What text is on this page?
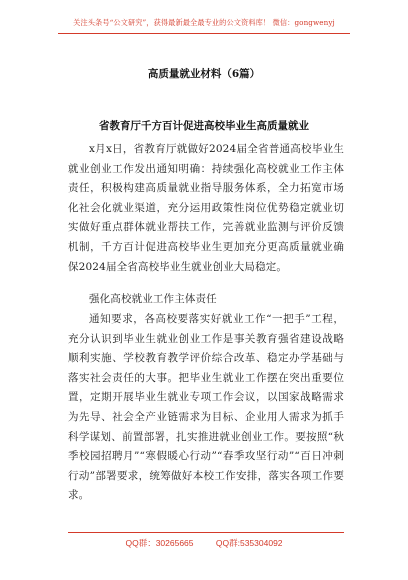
关注头条号“公文研究”，获得最新最全最专业的公文资料库！ 微信：gongwenyj
高质量就业材料（6篇）
省教育厅千方百计促进高校毕业生高质量就业
x月x日，省教育厅就做好2024届全省普通高校毕业生就业创业工作发出通知明确：持续强化高校就业工作主体责任，积极构建高质量就业指导服务体系，全力拓宽市场化社会化就业渠道，充分运用政策性岗位优势稳定就业切实做好重点群体就业帮扶工作，完善就业监测与评价反馈机制，千方百计促进高校毕业生更加充分更高质量就业确保2024届全省高校毕业生就业创业大局稳定。
强化高校就业工作主体责任
通知要求，各高校要落实好就业工作“一把手”工程，充分认识到毕业生就业创业工作是事关教育强省建设战略顺利实施、学校教育教学评价综合改革、稳定办学基础与落实社会责任的大事。把毕业生就业工作摆在突出重要位置，定期开展毕业生就业专项工作会议，以国家战略需求为先导、社会全产业链需求为目标、企业用人需求为抓手科学谋划、前置部署，扎实推进就业创业工作。要按照“秋季校园招聘月”“寒假暖心行动”“春季攻坚行动”“百日冲刺行动”部署要求，统筹做好本校工作安排，落实各项工作要求。
QQ群：30265665	QQ群:535304092
